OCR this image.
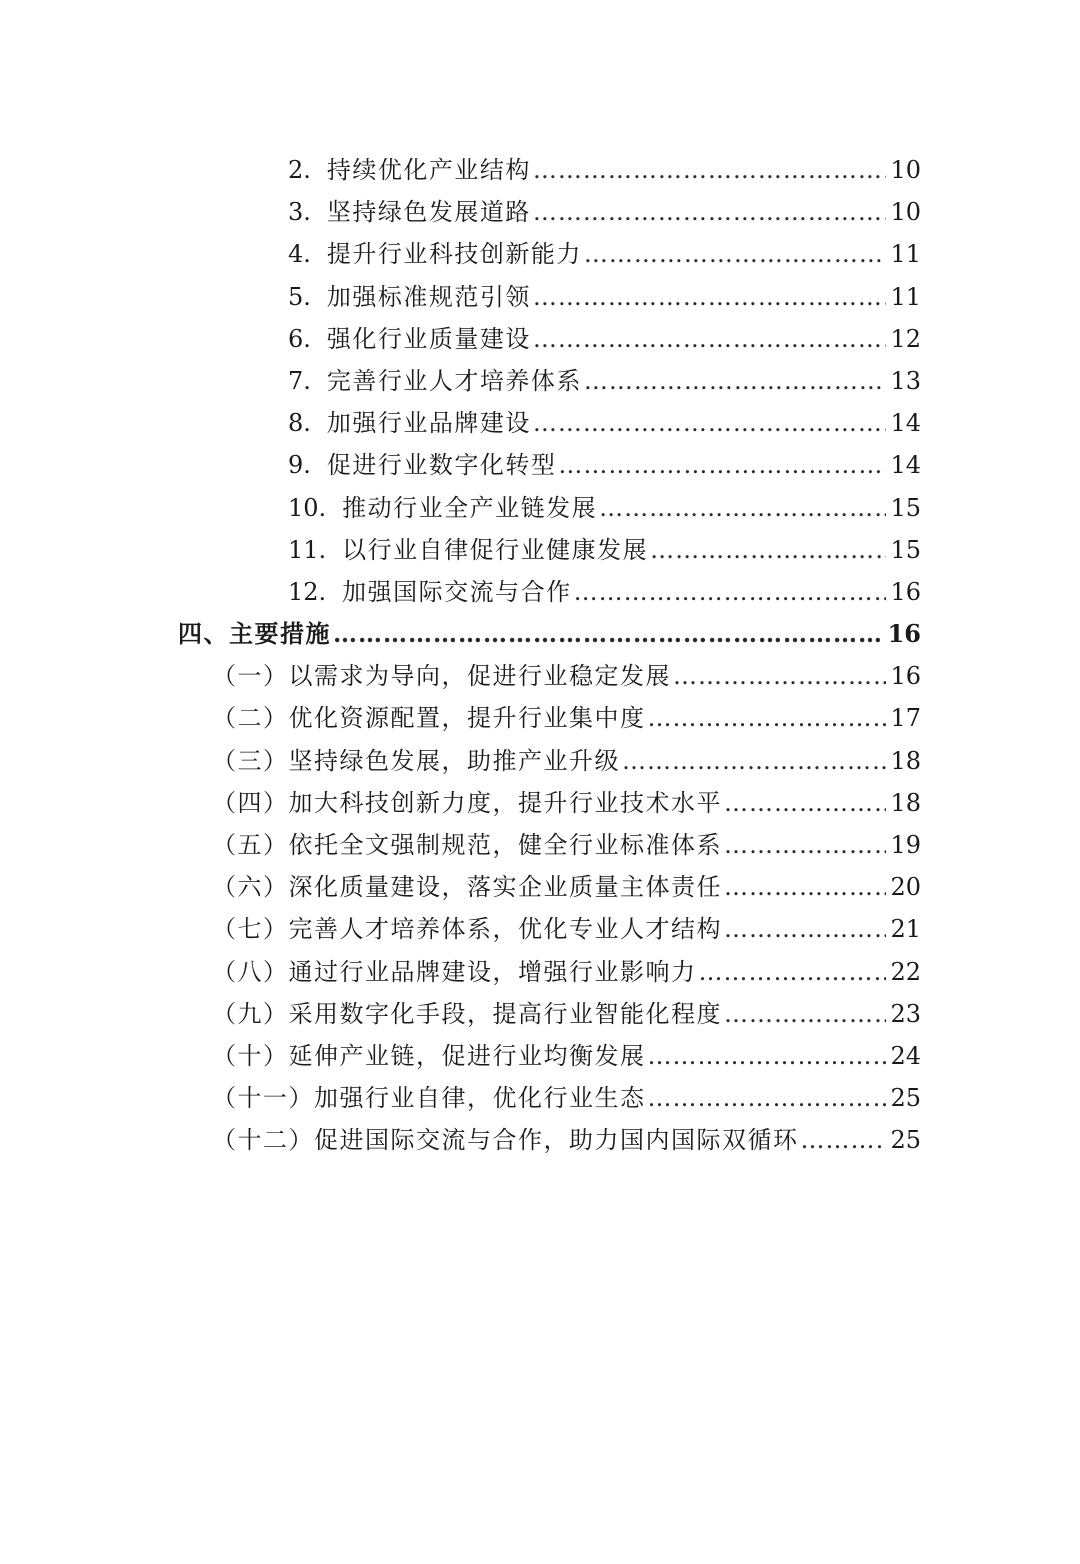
2. 持续优化产业结构 ……………………………………………………………………………………………………………………………………	10
3. 坚持绿色发展道路 ……………………………………………………………………………………………………………………………………	10
4. 提升行业科技创新能力 ……………………………………………………………………………………………………………………………………	11
5. 加强标准规范引领 ……………………………………………………………………………………………………………………………………	11
6. 强化行业质量建设 ……………………………………………………………………………………………………………………………………	12
7. 完善行业人才培养体系 ……………………………………………………………………………………………………………………………………	13
8. 加强行业品牌建设 ……………………………………………………………………………………………………………………………………	14
9. 促进行业数字化转型 ……………………………………………………………………………………………………………………………………	14
10. 推动行业全产业链发展 ……………………………………………………………………………………………………………………………………	15
11. 以行业自律促行业健康发展 ……………………………………………………………………………………………………………………………………	15
12. 加强国际交流与合作 ……………………………………………………………………………………………………………………………………	16
四、主要措施 ……………………………………………………………………………………………………………………………………	16
（一）以需求为导向，促进行业稳定发展 ……………………………………………………………………………………………………………………………………	16
（二）优化资源配置，提升行业集中度 ……………………………………………………………………………………………………………………………………	17
（三）坚持绿色发展，助推产业升级 ……………………………………………………………………………………………………………………………………	18
（四）加大科技创新力度，提升行业技术水平 ……………………………………………………………………………………………………………………………………	18
（五）依托全文强制规范，健全行业标准体系 ……………………………………………………………………………………………………………………………………	19
（六）深化质量建设，落实企业质量主体责任 ……………………………………………………………………………………………………………………………………	20
（七）完善人才培养体系，优化专业人才结构 ……………………………………………………………………………………………………………………………………	21
（八）通过行业品牌建设，增强行业影响力 ……………………………………………………………………………………………………………………………………	22
（九）采用数字化手段，提高行业智能化程度 ……………………………………………………………………………………………………………………………………	23
（十）延伸产业链，促进行业均衡发展 ……………………………………………………………………………………………………………………………………	24
（十一）加强行业自律，优化行业生态 ……………………………………………………………………………………………………………………………………	25
（十二）促进国际交流与合作，助力国内国际双循环 ……………………………………………………………………………………………………………………………………	25
